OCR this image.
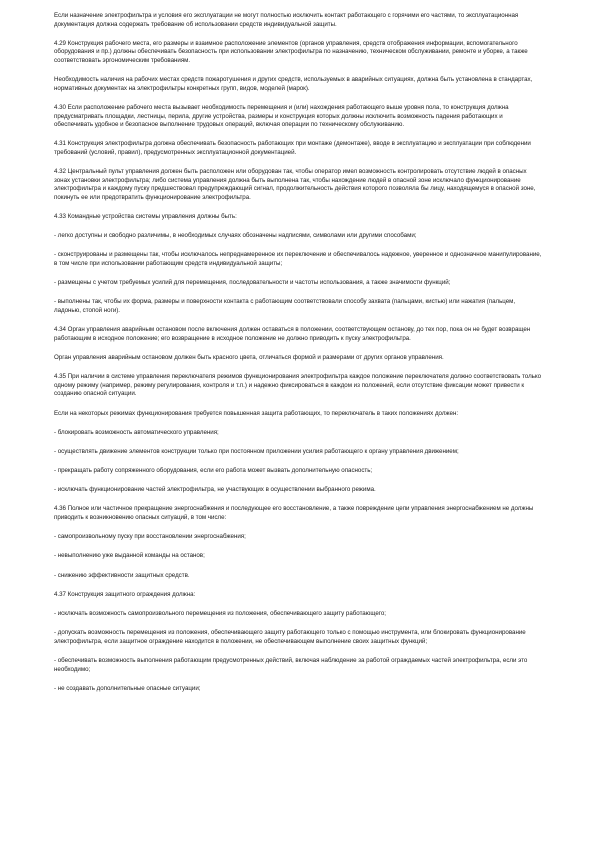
Если назначение электрофильтра и условия его эксплуатации не могут полностью исключить контакт работающего с горячими его частями, то эксплуатационная документация должна содержать требование об использовании средств индивидуальной защиты.

4.29 Конструкция рабочего места, его размеры и взаимное расположение элементов (органов управления, средств отображения информации, вспомогательного оборудования и пр.) должны обеспечивать безопасность при использовании электрофильтра по назначению, техническом обслуживании, ремонте и уборке, а также соответствовать эргономическим требованиям.

Необходимость наличия на рабочих местах средств пожаротушения и других средств, используемых в аварийных ситуациях, должна быть установлена в стандартах, нормативных документах на электрофильтры конкретных групп, видов, моделей (марок).

4.30 Если расположение рабочего места вызывает необходимость перемещения и (или) нахождения работающего выше уровня пола, то конструкция должна предусматривать площадки, лестницы, перила, другие устройства, размеры и конструкция которых должны исключить возможность падения работающих и обеспечивать удобное и безопасное выполнение трудовых операций, включая операции по техническому обслуживанию.

4.31 Конструкция электрофильтра должна обеспечивать безопасность работающих при монтаже (демонтаже), вводе в эксплуатацию и эксплуатации при соблюдении требований (условий, правил), предусмотренных эксплуатационной документацией.

4.32 Центральный пульт управления должен быть расположен или оборудован так, чтобы оператор имел возможность контролировать отсутствие людей в опасных зонах установки электрофильтра; либо система управления должна быть выполнена так, чтобы нахождение людей в опасной зоне исключало функционирование электрофильтра и каждому пуску предшествовал предупреждающий сигнал, продолжительность действия которого позволяла бы лицу, находящемуся в опасной зоне, покинуть ее или предотвратить функционирование электрофильтра.

4.33 Командные устройства системы управления должны быть:

- легко доступны и свободно различимы, в необходимых случаях обозначены надписями, символами или другими способами;

- сконструированы и размещены так, чтобы исключалось непреднамеренное их переключение и обеспечивалось надежное, уверенное и однозначное манипулирование, в том числе при использовании работающим средств индивидуальной защиты;

- размещены с учетом требуемых усилий для перемещения, последовательности и частоты использования, а также значимости функций;

- выполнены так, чтобы их форма, размеры и поверхности контакта с работающим соответствовали способу захвата (пальцами, кистью) или нажатия (пальцем, ладонью, стопой ноги).

4.34 Орган управления аварийным остановом после включения должен оставаться в положении, соответствующем останову, до тех пор, пока он не будет возвращен работающим в исходное положение; его возвращение в исходное положение не должно приводить к пуску электрофильтра.

Орган управления аварийным остановом должен быть красного цвета, отличаться формой и размерами от других органов управления.

4.35 При наличии в системе управления переключателя режимов функционирования электрофильтра каждое положение переключателя должно соответствовать только одному режиму (например, режиму регулирования, контроля и т.п.) и надежно фиксироваться в каждом из положений, если отсутствие фиксации может привести к созданию опасной ситуации.

Если на некоторых режимах функционирования требуется повышенная защита работающих, то переключатель в таких положениях должен:

- блокировать возможность автоматического управления;

- осуществлять движение элементов конструкции только при постоянном приложении усилия работающего к органу управления движением;

- прекращать работу сопряженного оборудования, если его работа может вызвать дополнительную опасность;

- исключать функционирование частей электрофильтра, не участвующих в осуществлении выбранного режима.

4.36 Полное или частичное прекращение энергоснабжения и последующее его восстановление, а также повреждение цепи управления энергоснабжением не должны приводить к возникновению опасных ситуаций, в том числе:

- самопроизвольному пуску при восстановлении энергоснабжения;

- невыполнению уже выданной команды на останов;

- снижению эффективности защитных средств.

4.37 Конструкция защитного ограждения должна:

- исключать возможность самопроизвольного перемещения из положения, обеспечивающего защиту работающего;

- допускать возможность перемещения из положения, обеспечивающего защиту работающего только с помощью инструмента, или блокировать функционирование электрофильтра, если защитное ограждение находится в положении, не обеспечивающем выполнение своих защитных функций;

- обеспечивать возможность выполнения работающим предусмотренных действий, включая наблюдение за работой ограждаемых частей электрофильтра, если это необходимо;

- не создавать дополнительные опасные ситуации;
